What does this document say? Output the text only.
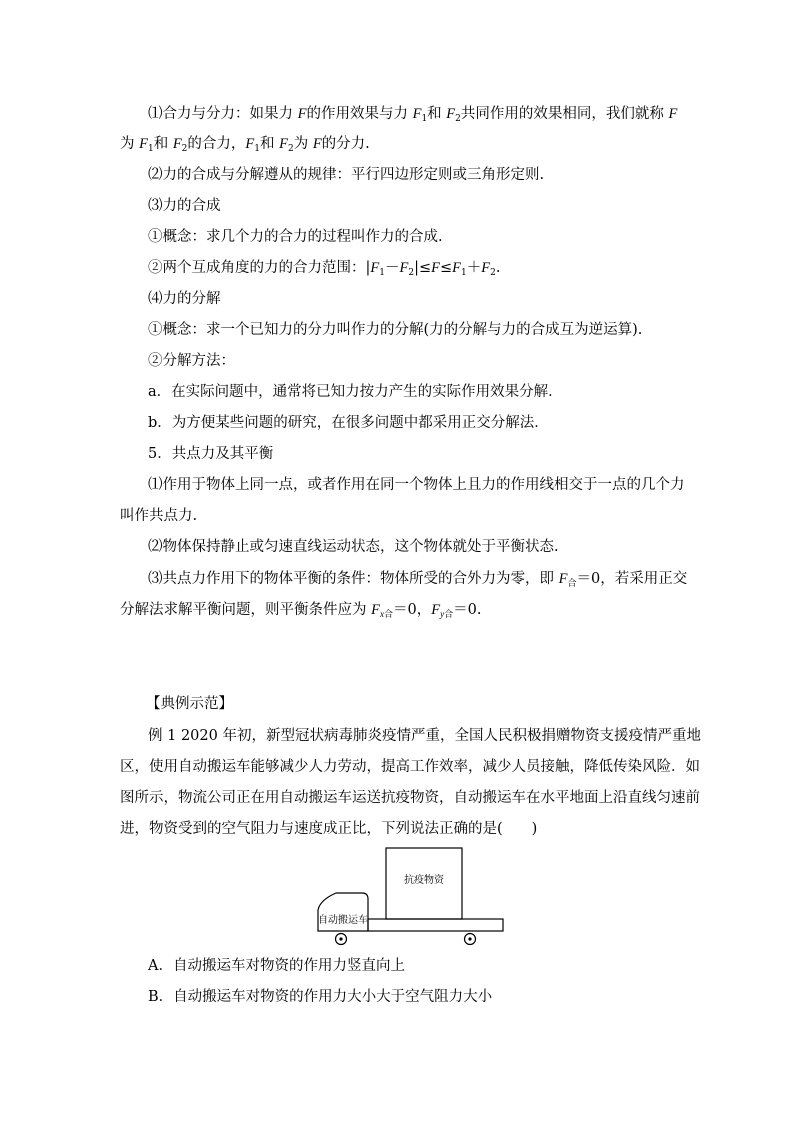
⑴合力与分力：如果力 F的作用效果与力 $F_1$和 $F_2$共同作用的效果相同，我们就称 F
为 $F_1$和 $F_2$的合力，$F_1$和 $F_2$为 F的分力.
⑵力的合成与分解遵从的规律：平行四边形定则或三角形定则.
⑶力的合成
①概念：求几个力的合力的过程叫作力的合成.
②两个互成角度的力的合力范围：$|F_1-F_2|\le F\le F_1+F_2$.
⑷力的分解
①概念：求一个已知力的分力叫作力的分解(力的分解与力的合成互为逆运算).
②分解方法：
a．在实际问题中，通常将已知力按力产生的实际作用效果分解．
b．为方便某些问题的研究，在很多问题中都采用正交分解法．
5．共点力及其平衡
⑴作用于物体上同一点，或者作用在同一个物体上且力的作用线相交于一点的几个力
叫作共点力.
⑵物体保持静止或匀速直线运动状态，这个物体就处于平衡状态.
⑶共点力作用下的物体平衡的条件：物体所受的合外力为零，即 $F_合=0$，若采用正交
分解法求解平衡问题，则平衡条件应为 $F_{x合}=0$，$F_{y合}=0$.
【典例示范】
例 1 2020 年初，新型冠状病毒肺炎疫情严重，全国人民积极捐赠物资支援疫情严重地
区，使用自动搬运车能够减少人力劳动，提高工作效率，减少人员接触，降低传染风险．如
图所示，物流公司正在用自动搬运车运送抗疫物资，自动搬运车在水平地面上沿直线匀速前
进，物资受到的空气阻力与速度成正比，下列说法正确的是(　　)
抗疫物资
自动搬运车
A．自动搬运车对物资的作用力竖直向上
B．自动搬运车对物资的作用力大小大于空气阻力大小
